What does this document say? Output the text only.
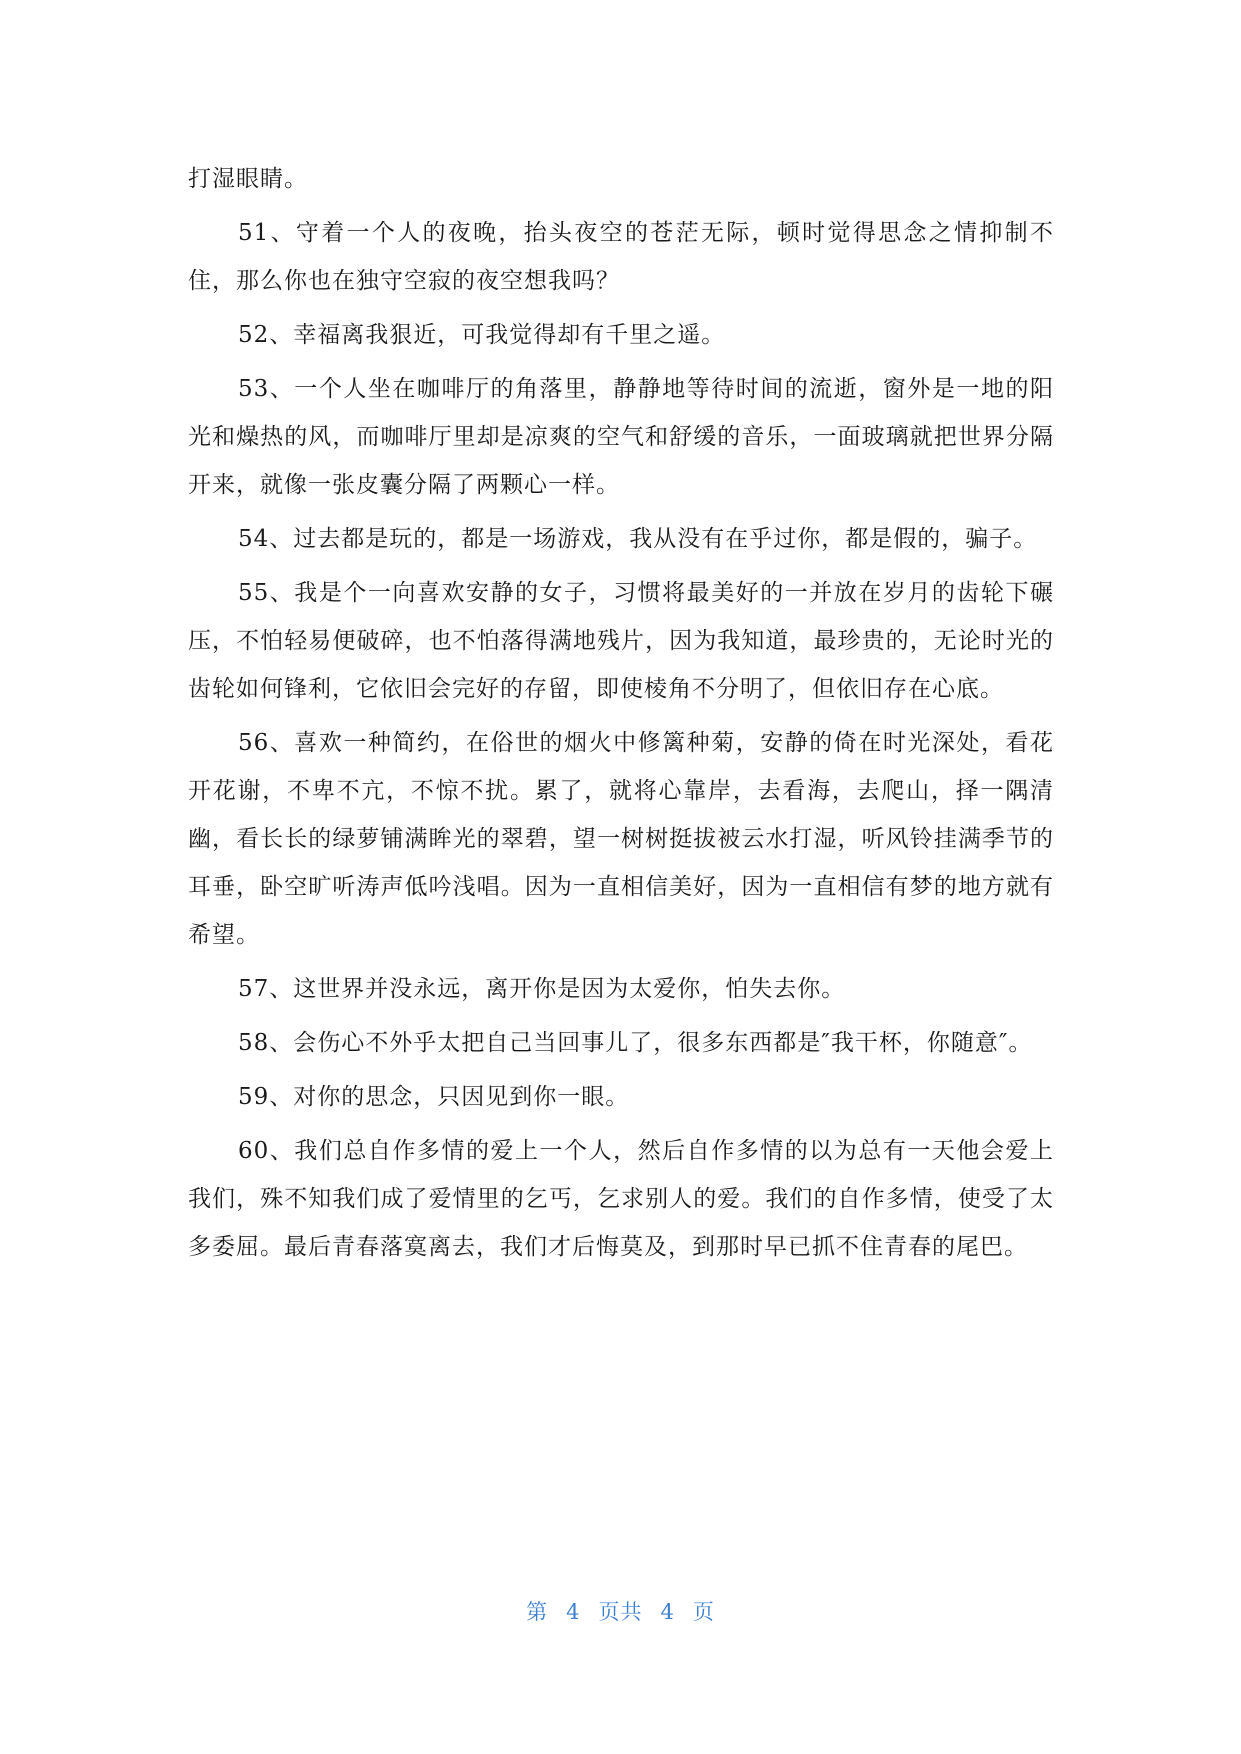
打湿眼睛。

51、守着一个人的夜晚，抬头夜空的苍茫无际，顿时觉得思念之情抑制不住，那么你也在独守空寂的夜空想我吗？

52、幸福离我狠近，可我觉得却有千里之遥。

53、一个人坐在咖啡厅的角落里，静静地等待时间的流逝，窗外是一地的阳光和燥热的风，而咖啡厅里却是凉爽的空气和舒缓的音乐，一面玻璃就把世界分隔开来，就像一张皮囊分隔了两颗心一样。

54、过去都是玩的，都是一场游戏，我从没有在乎过你，都是假的，骗子。

55、我是个一向喜欢安静的女子，习惯将最美好的一并放在岁月的齿轮下碾压，不怕轻易便破碎，也不怕落得满地残片，因为我知道，最珍贵的，无论时光的齿轮如何锋利，它依旧会完好的存留，即使棱角不分明了，但依旧存在心底。

56、喜欢一种简约，在俗世的烟火中修篱种菊，安静的倚在时光深处，看花开花谢，不卑不亢，不惊不扰。累了，就将心靠岸，去看海，去爬山，择一隅清幽，看长长的绿萝铺满眸光的翠碧，望一树树挺拔被云水打湿，听风铃挂满季节的耳垂，卧空旷听涛声低吟浅唱。因为一直相信美好，因为一直相信有梦的地方就有希望。

57、这世界并没永远，离开你是因为太爱你，怕失去你。

58、会伤心不外乎太把自己当回事儿了，很多东西都是″我干杯，你随意″。

59、对你的思念，只因见到你一眼。

60、我们总自作多情的爱上一个人，然后自作多情的以为总有一天他会爱上我们，殊不知我们成了爱情里的乞丐，乞求别人的爱。我们的自作多情，使受了太多委屈。最后青春落寞离去，我们才后悔莫及，到那时早已抓不住青春的尾巴。

第 4 页共 4 页
